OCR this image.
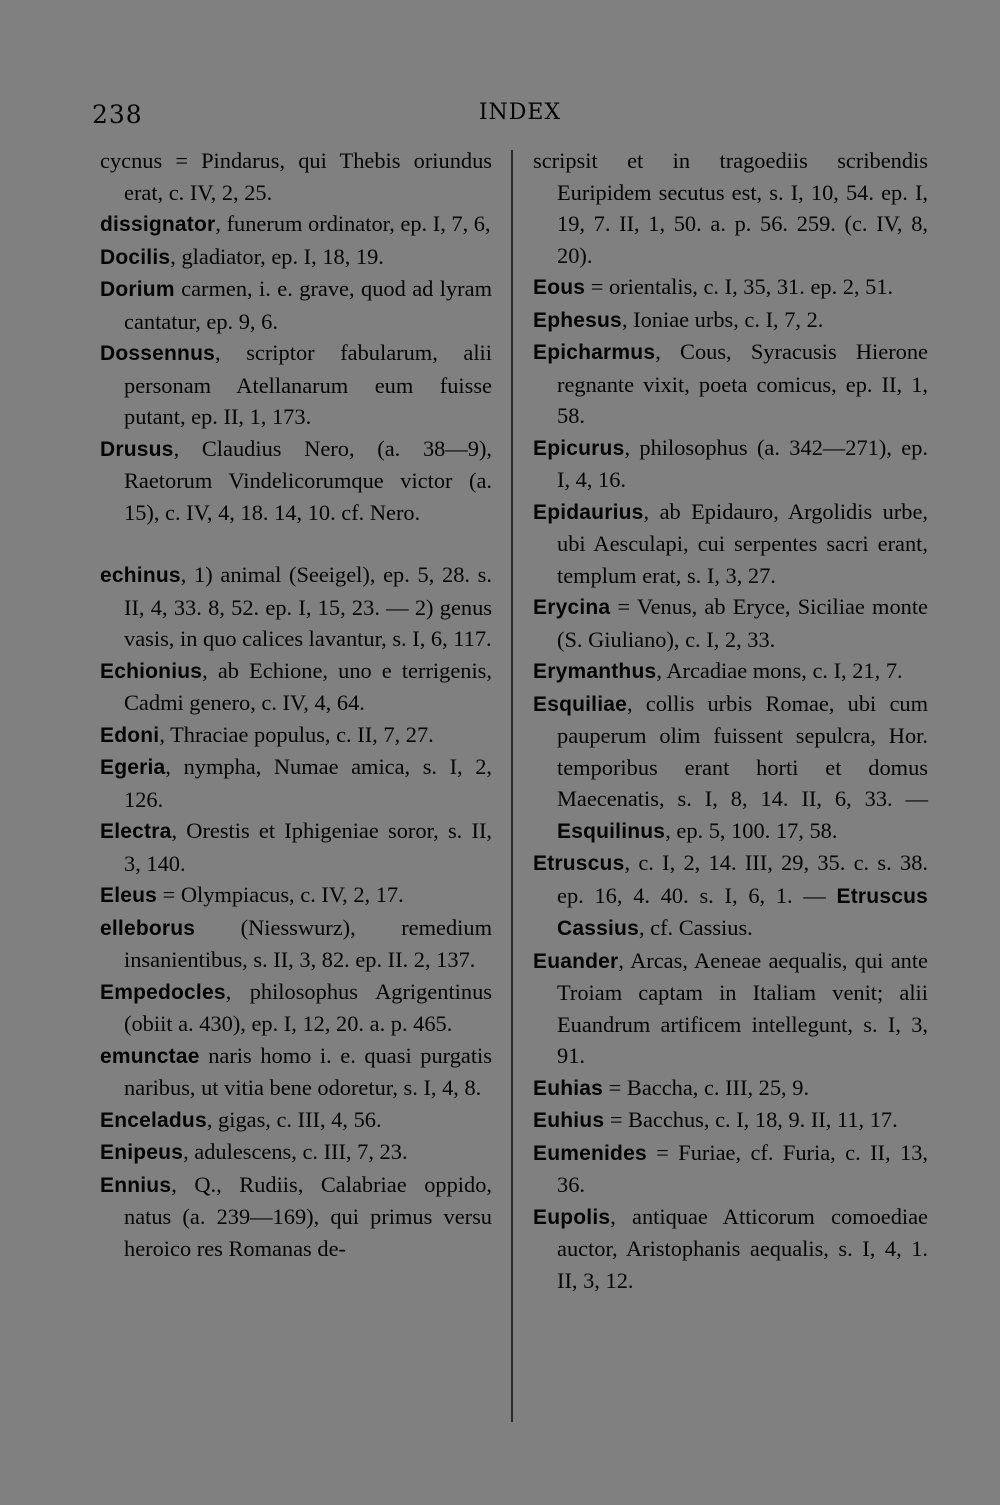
238	INDEX

cycnus = Pindarus, qui Thebis oriundus erat, c. IV, 2, 25.

dissignator, funerum ordinator, ep. I, 7, 6,

Docilis, gladiator, ep. I, 18, 19.

Dorium carmen, i. e. grave, quod ad lyram cantatur, ep. 9, 6.

Dossennus, scriptor fabularum, alii personam Atellanarum eum fuisse putant, ep. II, 1, 173.

Drusus, Claudius Nero, (a. 38—9), Raetorum Vindelicorumque victor (a. 15), c. IV, 4, 18. 14, 10. cf. Nero.

echinus, 1) animal (Seeigel), ep. 5, 28. s. II, 4, 33. 8, 52. ep. I, 15, 23. — 2) genus vasis, in quo calices lavantur, s. I, 6, 117.

Echionius, ab Echione, uno e terrigenis, Cadmi genero, c. IV, 4, 64.

Edoni, Thraciae populus, c. II, 7, 27.

Egeria, nympha, Numae amica, s. I, 2, 126.

Electra, Orestis et Iphigeniae soror, s. II, 3, 140.

Eleus = Olympiacus, c. IV, 2, 17.

elleborus (Niesswurz), remedium insanientibus, s. II, 3, 82. ep. II. 2, 137.

Empedocles, philosophus Agrigentinus (obiit a. 430), ep. I, 12, 20. a. p. 465.

emunctae naris homo i. e. quasi purgatis naribus, ut vitia bene odoretur, s. I, 4, 8.

Enceladus, gigas, c. III, 4, 56.

Enipeus, adulescens, c. III, 7, 23.

Ennius, Q., Rudiis, Calabriae oppido, natus (a. 239—169), qui primus versu heroico res Romanas de-

scripsit et in tragoediis scribendis Euripidem secutus est, s. I, 10, 54. ep. I, 19, 7. II, 1, 50. a. p. 56. 259. (c. IV, 8, 20).

Eous = orientalis, c. I, 35, 31. ep. 2, 51.

Ephesus, Ioniae urbs, c. I, 7, 2.

Epicharmus, Cous, Syracusis Hierone regnante vixit, poeta comicus, ep. II, 1, 58.

Epicurus, philosophus (a. 342—271), ep. I, 4, 16.

Epidaurius, ab Epidauro, Argolidis urbe, ubi Aesculapi, cui serpentes sacri erant, templum erat, s. I, 3, 27.

Erycina = Venus, ab Eryce, Siciliae monte (S. Giuliano), c. I, 2, 33.

Erymanthus, Arcadiae mons, c. I, 21, 7.

Esquiliae, collis urbis Romae, ubi cum pauperum olim fuissent sepulcra, Hor. temporibus erant horti et domus Maecenatis, s. I, 8, 14. II, 6, 33. — Esquilinus, ep. 5, 100. 17, 58.

Etruscus, c. I, 2, 14. III, 29, 35. c. s. 38. ep. 16, 4. 40. s. I, 6, 1. — Etruscus Cassius, cf. Cassius.

Euander, Arcas, Aeneae aequalis, qui ante Troiam captam in Italiam venit; alii Euandrum artificem intellegunt, s. I, 3, 91.

Euhias = Baccha, c. III, 25, 9.

Euhius = Bacchus, c. I, 18, 9. II, 11, 17.

Eumenides = Furiae, cf. Furia, c. II, 13, 36.

Eupolis, antiquae Atticorum comoediae auctor, Aristophanis aequalis, s. I, 4, 1. II, 3, 12.
